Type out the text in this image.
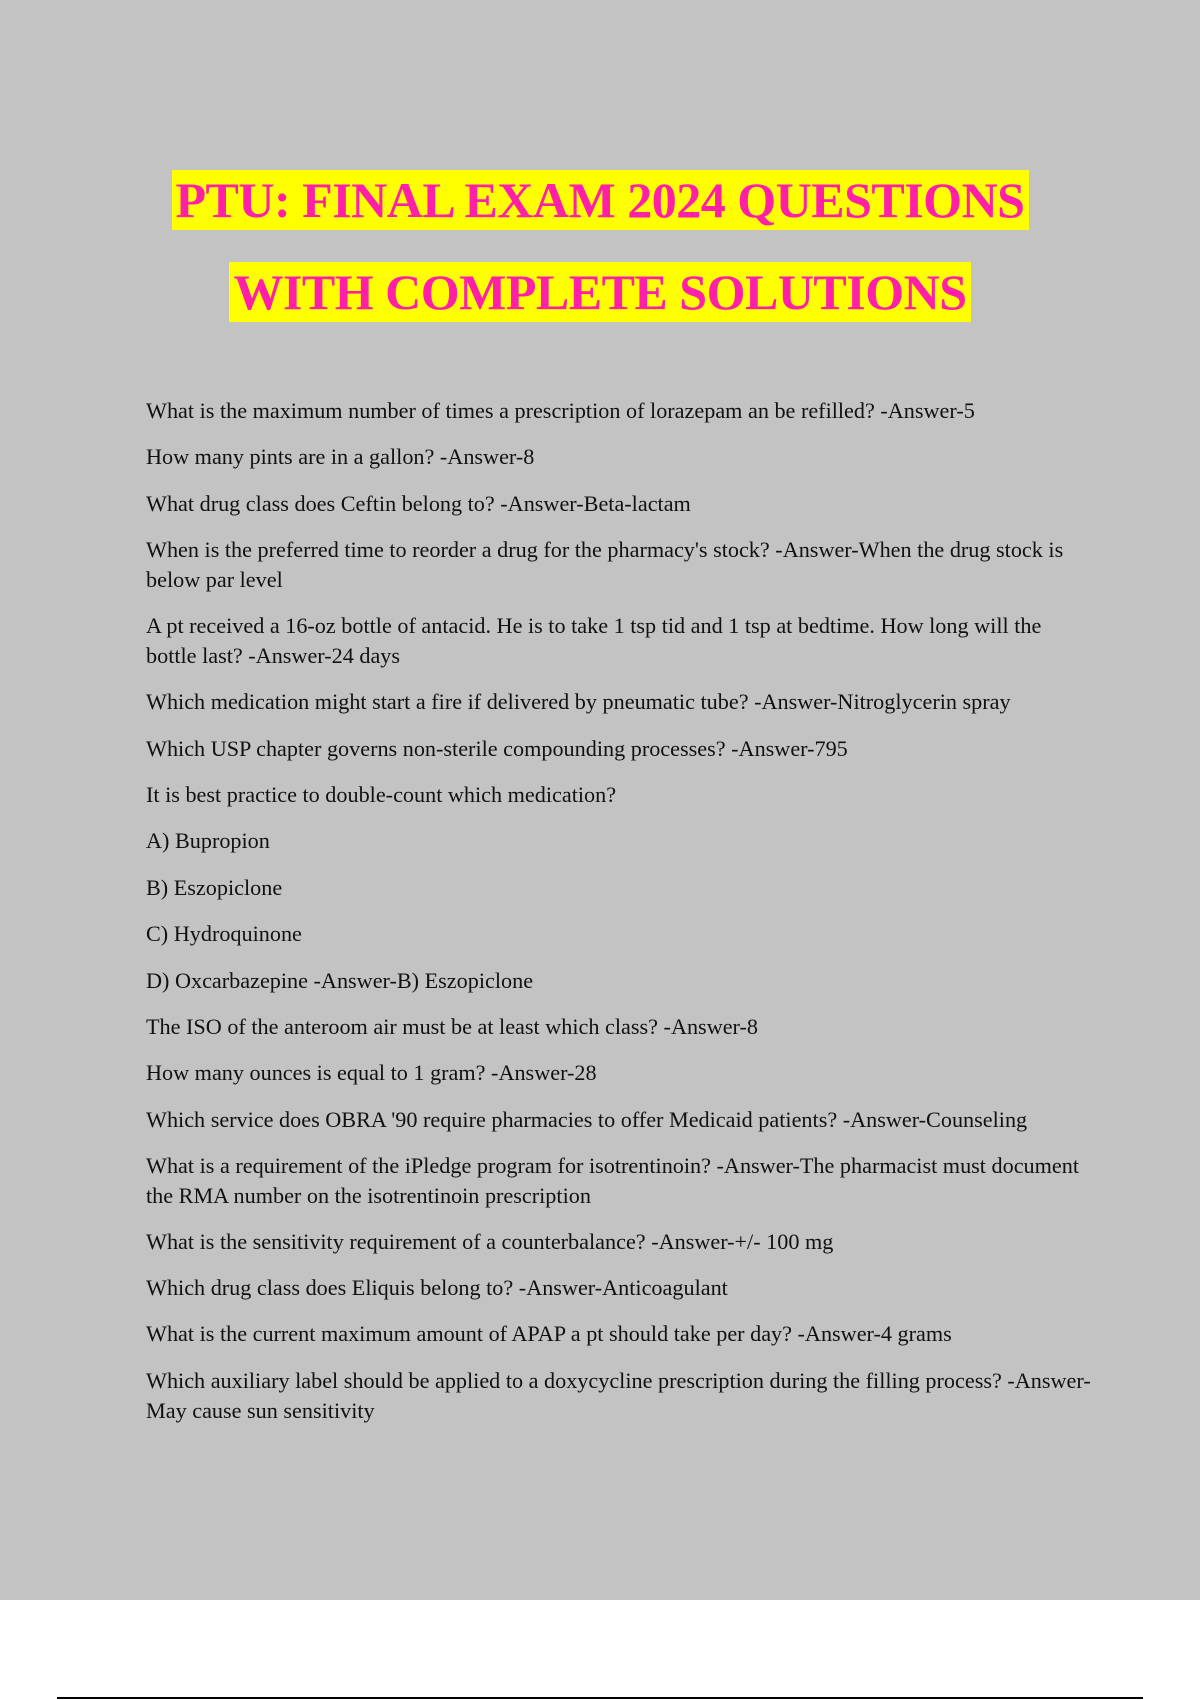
PTU: FINAL EXAM 2024 QUESTIONS
WITH COMPLETE SOLUTIONS

What is the maximum number of times a prescription of lorazepam an be refilled? -Answer-5

How many pints are in a gallon? -Answer-8

What drug class does Ceftin belong to? -Answer-Beta-lactam

When is the preferred time to reorder a drug for the pharmacy's stock? -Answer-When the drug stock is below par level

A pt received a 16-oz bottle of antacid. He is to take 1 tsp tid and 1 tsp at bedtime. How long will the bottle last? -Answer-24 days

Which medication might start a fire if delivered by pneumatic tube? -Answer-Nitroglycerin spray

Which USP chapter governs non-sterile compounding processes? -Answer-795

It is best practice to double-count which medication?

A) Bupropion

B) Eszopiclone

C) Hydroquinone

D) Oxcarbazepine -Answer-B) Eszopiclone

The ISO of the anteroom air must be at least which class? -Answer-8

How many ounces is equal to 1 gram? -Answer-28

Which service does OBRA '90 require pharmacies to offer Medicaid patients? -Answer-Counseling

What is a requirement of the iPledge program for isotrentinoin? -Answer-The pharmacist must document the RMA number on the isotrentinoin prescription

What is the sensitivity requirement of a counterbalance? -Answer-+/- 100 mg

Which drug class does Eliquis belong to? -Answer-Anticoagulant

What is the current maximum amount of APAP a pt should take per day? -Answer-4 grams

Which auxiliary label should be applied to a doxycycline prescription during the filling process? -Answer-May cause sun sensitivity
